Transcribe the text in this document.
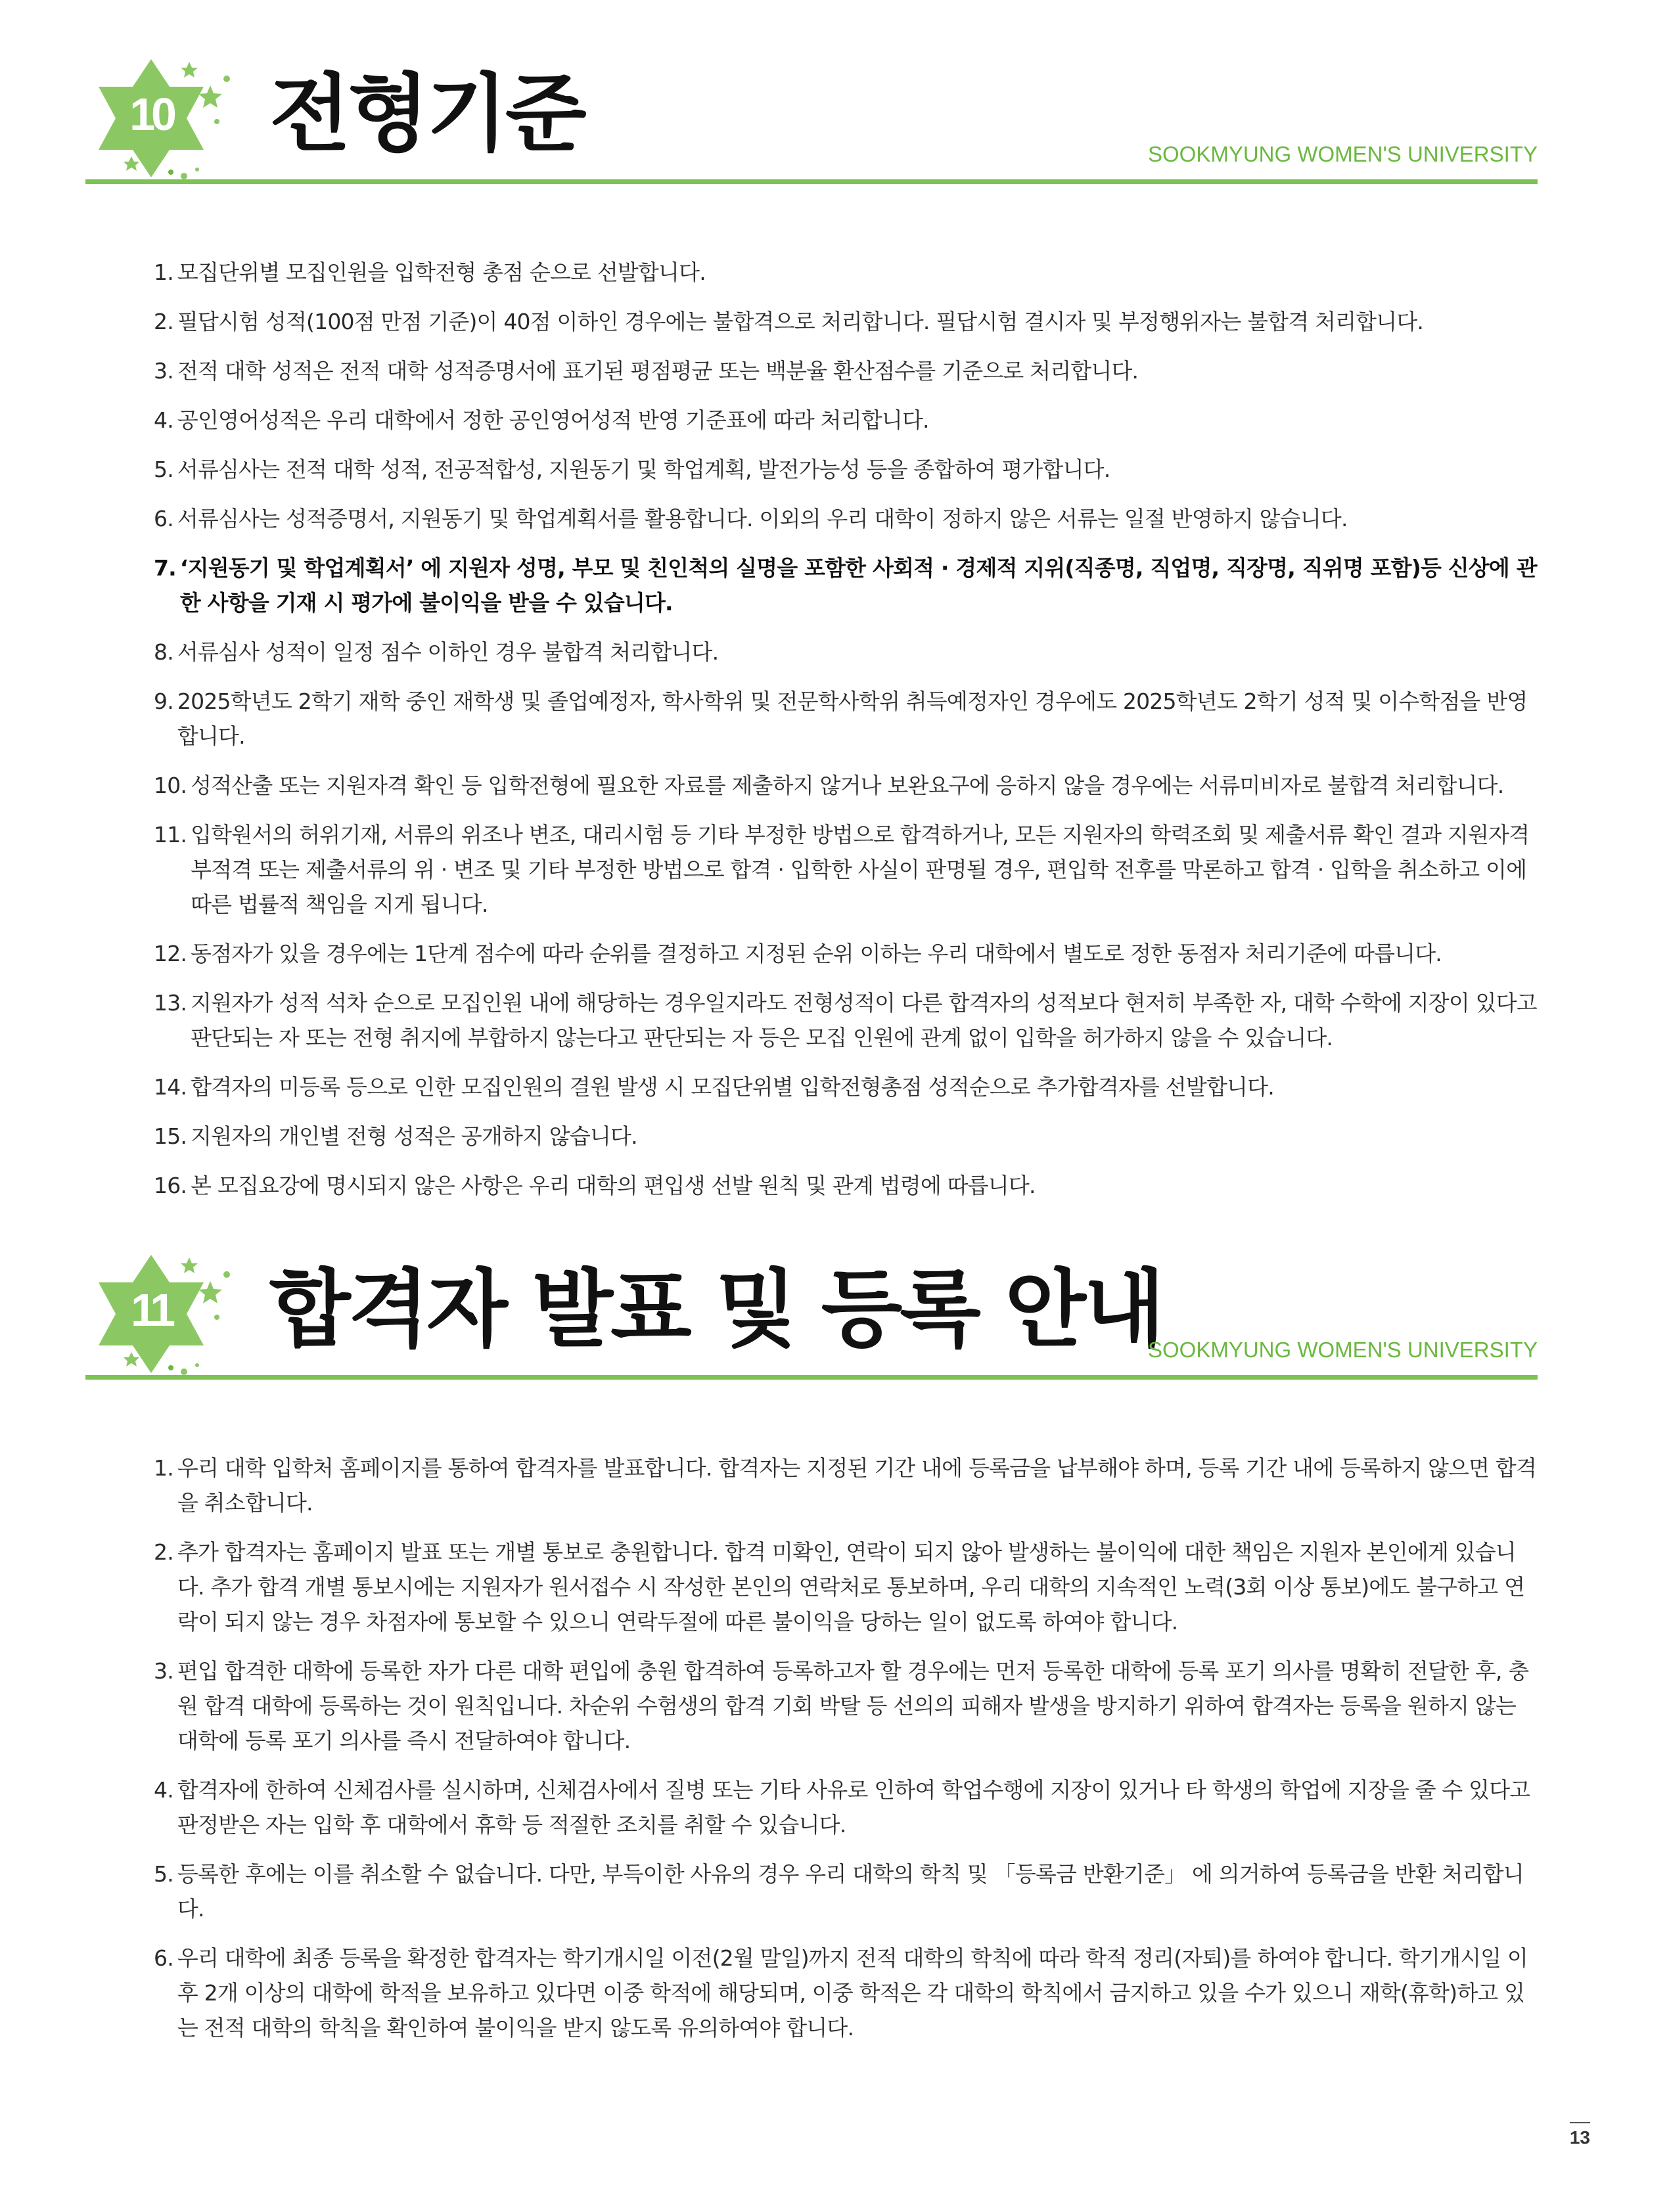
10 전형기준	SOOKMYUNG WOMEN'S UNIVERSITY
1. 모집단위별 모집인원을 입학전형 총점 순으로 선발합니다.
2. 필답시험 성적(100점 만점 기준)이 40점 이하인 경우에는 불합격으로 처리합니다. 필답시험 결시자 및 부정행위자는 불합격 처리합니다.
3. 전적 대학 성적은 전적 대학 성적증명서에 표기된 평점평균 또는 백분율 환산점수를 기준으로 처리합니다.
4. 공인영어성적은 우리 대학에서 정한 공인영어성적 반영 기준표에 따라 처리합니다.
5. 서류심사는 전적 대학 성적, 전공적합성, 지원동기 및 학업계획, 발전가능성 등을 종합하여 평가합니다.
6. 서류심사는 성적증명서, 지원동기 및 학업계획서를 활용합니다. 이외의 우리 대학이 정하지 않은 서류는 일절 반영하지 않습니다.
7. ‘지원동기 및 학업계획서’ 에 지원자 성명, 부모 및 친인척의 실명을 포함한 사회적 · 경제적 지위(직종명, 직업명, 직장명, 직위명 포함)등 신상에 관한 사항을 기재 시 평가에 불이익을 받을 수 있습니다.
8. 서류심사 성적이 일정 점수 이하인 경우 불합격 처리합니다.
9. 2025학년도 2학기 재학 중인 재학생 및 졸업예정자, 학사학위 및 전문학사학위 취득예정자인 경우에도 2025학년도 2학기 성적 및 이수학점을 반영합니다.
10. 성적산출 또는 지원자격 확인 등 입학전형에 필요한 자료를 제출하지 않거나 보완요구에 응하지 않을 경우에는 서류미비자로 불합격 처리합니다.
11. 입학원서의 허위기재, 서류의 위조나 변조, 대리시험 등 기타 부정한 방법으로 합격하거나, 모든 지원자의 학력조회 및 제출서류 확인 결과 지원자격 부적격 또는 제출서류의 위 · 변조 및 기타 부정한 방법으로 합격 · 입학한 사실이 판명될 경우, 편입학 전후를 막론하고 합격 · 입학을 취소하고 이에 따른 법률적 책임을 지게 됩니다.
12. 동점자가 있을 경우에는 1단계 점수에 따라 순위를 결정하고 지정된 순위 이하는 우리 대학에서 별도로 정한 동점자 처리기준에 따릅니다.
13. 지원자가 성적 석차 순으로 모집인원 내에 해당하는 경우일지라도 전형성적이 다른 합격자의 성적보다 현저히 부족한 자, 대학 수학에 지장이 있다고 판단되는 자 또는 전형 취지에 부합하지 않는다고 판단되는 자 등은 모집 인원에 관계 없이 입학을 허가하지 않을 수 있습니다.
14. 합격자의 미등록 등으로 인한 모집인원의 결원 발생 시 모집단위별 입학전형총점 성적순으로 추가합격자를 선발합니다.
15. 지원자의 개인별 전형 성적은 공개하지 않습니다.
16. 본 모집요강에 명시되지 않은 사항은 우리 대학의 편입생 선발 원칙 및 관계 법령에 따릅니다.
11 합격자 발표 및 등록 안내
SOOKMYUNG WOMEN'S UNIVERSITY
1. 우리 대학 입학처 홈페이지를 통하여 합격자를 발표합니다. 합격자는 지정된 기간 내에 등록금을 납부해야 하며, 등록 기간 내에 등록하지 않으면 합격을 취소합니다.
2. 추가 합격자는 홈페이지 발표 또는 개별 통보로 충원합니다. 합격 미확인, 연락이 되지 않아 발생하는 불이익에 대한 책임은 지원자 본인에게 있습니다. 추가 합격 개별 통보시에는 지원자가 원서접수 시 작성한 본인의 연락처로 통보하며, 우리 대학의 지속적인 노력(3회 이상 통보)에도 불구하고 연락이 되지 않는 경우 차점자에 통보할 수 있으니 연락두절에 따른 불이익을 당하는 일이 없도록 하여야 합니다.
3. 편입 합격한 대학에 등록한 자가 다른 대학 편입에 충원 합격하여 등록하고자 할 경우에는 먼저 등록한 대학에 등록 포기 의사를 명확히 전달한 후, 충원 합격 대학에 등록하는 것이 원칙입니다. 차순위 수험생의 합격 기회 박탈 등 선의의 피해자 발생을 방지하기 위하여 합격자는 등록을 원하지 않는 대학에 등록 포기 의사를 즉시 전달하여야 합니다.
4. 합격자에 한하여 신체검사를 실시하며, 신체검사에서 질병 또는 기타 사유로 인하여 학업수행에 지장이 있거나 타 학생의 학업에 지장을 줄 수 있다고 판정받은 자는 입학 후 대학에서 휴학 등 적절한 조치를 취할 수 있습니다.
5. 등록한 후에는 이를 취소할 수 없습니다. 다만, 부득이한 사유의 경우 우리 대학의 학칙 및 「등록금 반환기준」 에 의거하여 등록금을 반환 처리합니다.
6. 우리 대학에 최종 등록을 확정한 합격자는 학기개시일 이전(2월 말일)까지 전적 대학의 학칙에 따라 학적 정리(자퇴)를 하여야 합니다. 학기개시일 이후 2개 이상의 대학에 학적을 보유하고 있다면 이중 학적에 해당되며, 이중 학적은 각 대학의 학칙에서 금지하고 있을 수가 있으니 재학(휴학)하고 있는 전적 대학의 학칙을 확인하여 불이익을 받지 않도록 유의하여야 합니다.
13
